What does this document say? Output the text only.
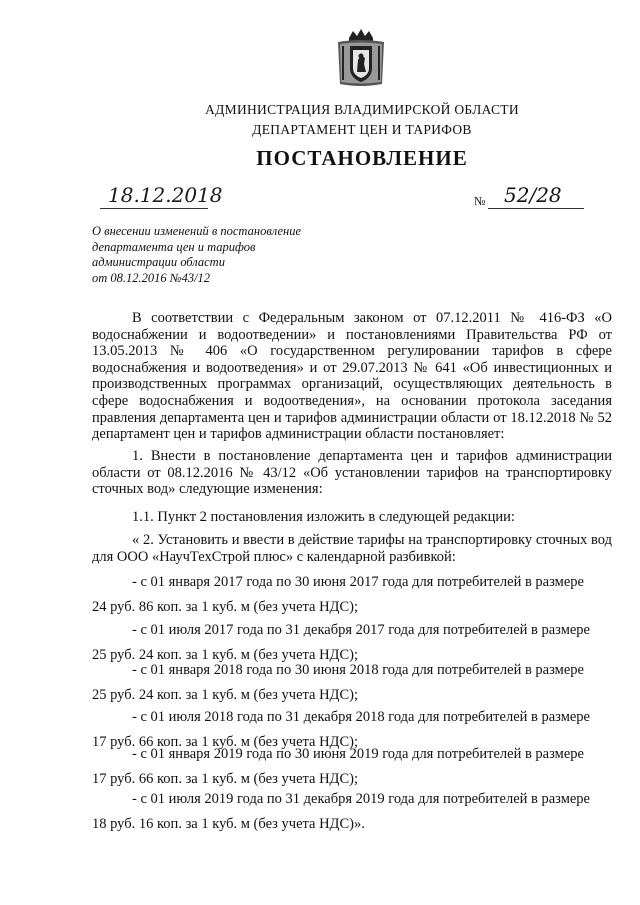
АДМИНИСТРАЦИЯ ВЛАДИМИРСКОЙ ОБЛАСТИ
ДЕПАРТАМЕНТ ЦЕН И ТАРИФОВ
ПОСТАНОВЛЕНИЕ
18.12.2018	№ 52/28
О внесении изменений в постановление
департамента цен и тарифов
администрации области
от 08.12.2016 №43/12
В соответствии с Федеральным законом от 07.12.2011 № 416-ФЗ «О водоснабжении и водоотведении» и постановлениями Правительства РФ от 13.05.2013 № 406 «О государственном регулировании тарифов в сфере водоснабжения и водоотведения» и от 29.07.2013 № 641 «Об инвестиционных и производственных программах организаций, осуществляющих деятельность в сфере водоснабжения и водоотведения», на основании протокола заседания правления департамента цен и тарифов администрации области от 18.12.2018 № 52 департамент цен и тарифов администрации области постановляет:
1. Внести в постановление департамента цен и тарифов администрации области от 08.12.2016 № 43/12 «Об установлении тарифов на транспортировку сточных вод» следующие изменения:
1.1. Пункт 2 постановления изложить в следующей редакции:
« 2. Установить и ввести в действие тарифы на транспортировку сточных вод для ООО «НаучТехСтрой плюс» с календарной разбивкой:
- с 01 января 2017 года по 30 июня 2017 года для потребителей в размере
24 руб. 86 коп. за 1 куб. м (без учета НДС);
- с 01 июля 2017 года по 31 декабря 2017 года для потребителей в размере
25 руб. 24 коп. за 1 куб. м (без учета НДС);
- с 01 января 2018 года по 30 июня 2018 года для потребителей в размере
25 руб. 24 коп. за 1 куб. м (без учета НДС);
- с 01 июля 2018 года по 31 декабря 2018 года для потребителей в размере
17 руб. 66 коп. за 1 куб. м (без учета НДС);
- с 01 января 2019 года по 30 июня 2019 года для потребителей в размере
17 руб. 66 коп. за 1 куб. м (без учета НДС);
- с 01 июля 2019 года по 31 декабря 2019 года для потребителей в размере
18 руб. 16 коп. за 1 куб. м (без учета НДС)».
